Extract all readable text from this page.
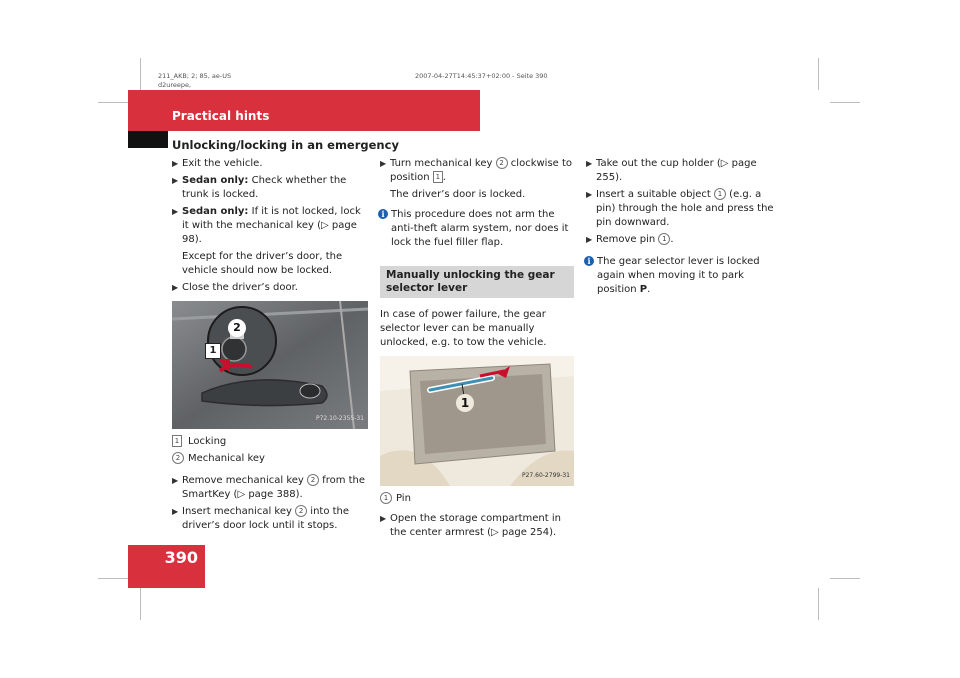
211_AKB; 2; 85, ae-US
d2ureepe,
2007-04-27T14:45:37+02:00 - Seite 390
Practical hints
Unlocking/locking in an emergency
390
▶ Exit the vehicle.
▶ Sedan only: Check whether the trunk is locked.
▶ Sedan only: If it is not locked, lock it with the mechanical key (▷ page 98).
Except for the driver’s door, the vehicle should now be locked.
▶ Close the driver’s door.
1
2
P72.10-2355-31
1 Locking
2 Mechanical key
▶ Remove mechanical key 2 from the SmartKey (▷ page 388).
▶ Insert mechanical key 2 into the driver’s door lock until it stops.
▶ Turn mechanical key 2 clockwise to position 1 .
The driver’s door is locked.
i This procedure does not arm the anti-theft alarm system, nor does it lock the fuel filler flap.
Manually unlocking the gear selector lever
In case of power failure, the gear selector lever can be manually unlocked, e.g. to tow the vehicle.
1
P27.60-2799-31
1 Pin
▶ Open the storage compartment in the center armrest (▷ page 254).
▶ Take out the cup holder (▷ page 255).
▶ Insert a suitable object 1 (e.g. a pin) through the hole and press the pin downward.
▶ Remove pin 1 .
i The gear selector lever is locked again when moving it to park position P.
